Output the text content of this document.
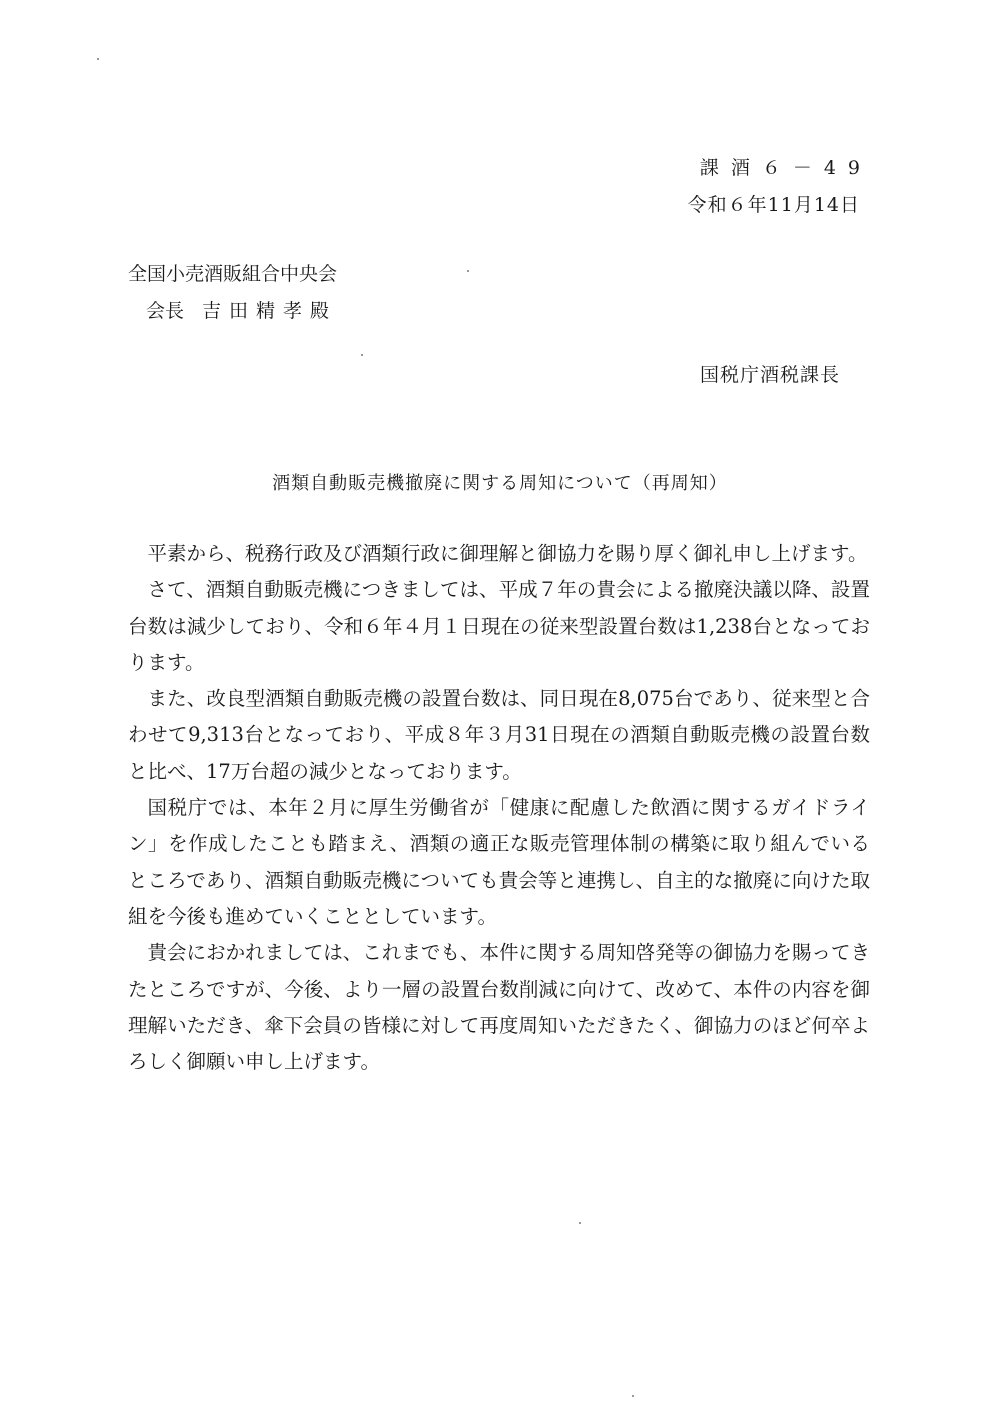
課酒６－49
令和６年11月14日
全国小売酒販組合中央会
会長 吉田精孝殿
国税庁酒税課長
酒類自動販売機撤廃に関する周知について（再周知）

平素から、税務行政及び酒類行政に御理解と御協力を賜り厚く御礼申し上げます。

さて、酒類自動販売機につきましては、平成７年の貴会による撤廃決議以降、設置台数は減少しており、令和６年４月１日現在の従来型設置台数は1,238台となっております。

また、改良型酒類自動販売機の設置台数は、同日現在8,075台であり、従来型と合わせて9,313台となっており、平成８年３月31日現在の酒類自動販売機の設置台数と比べ、17万台超の減少となっております。

国税庁では、本年２月に厚生労働省が「健康に配慮した飲酒に関するガイドライン」を作成したことも踏まえ、酒類の適正な販売管理体制の構築に取り組んでいるところであり、酒類自動販売機についても貴会等と連携し、自主的な撤廃に向けた取組を今後も進めていくこととしています。

貴会におかれましては、これまでも、本件に関する周知啓発等の御協力を賜ってきたところですが、今後、より一層の設置台数削減に向けて、改めて、本件の内容を御理解いただき、傘下会員の皆様に対して再度周知いただきたく、御協力のほど何卒よろしく御願い申し上げます。
